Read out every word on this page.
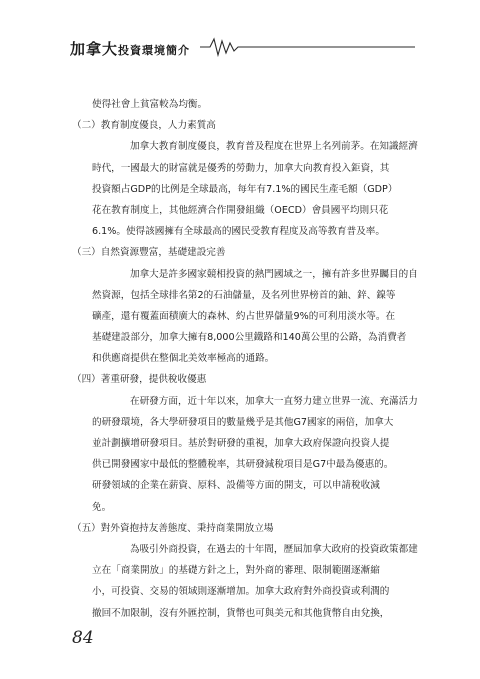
加拿大投資環境簡介
使得社會上貧富較為均衡。
（二）教育制度優良，人力素質高
加拿大教育制度優良，教育普及程度在世界上名列前茅。在知識經濟
時代，一國最大的財富就是優秀的勞動力，加拿大向教育投入鉅資，其
投資額占GDP的比例是全球最高，每年有7.1%的國民生產毛額（GDP）
花在教育制度上，其他經濟合作開發組織（OECD）會員國平均則只花
6.1%。使得該國擁有全球最高的國民受教育程度及高等教育普及率。
（三）自然資源豐富，基礎建設完善
加拿大是許多國家競相投資的熱門國域之一，擁有許多世界矚目的自
然資源，包括全球排名第2的石油儲量，及名列世界榜首的鈾、鋅、鎳等
礦產，還有覆蓋面積廣大的森林、約占世界儲量9%的可利用淡水等。在
基礎建設部分，加拿大擁有8,000公里鐵路和140萬公里的公路，為消費者
和供應商提供在整個北美效率極高的通路。
（四）著重研發，提供稅收優惠
在研發方面，近十年以來，加拿大一直努力建立世界一流、充滿活力
的研發環境，各大學研發項目的數量幾乎是其他G7國家的兩倍，加拿大
並計劃擴增研發項目。基於對研發的重視，加拿大政府保證向投資人提
供已開發國家中最低的整體稅率，其研發減稅項目是G7中最為優惠的。
研發領域的企業在薪資、原料、設備等方面的開支，可以申請稅收減
免。
（五）對外資抱持友善態度、秉持商業開放立場
為吸引外商投資，在過去的十年間，歷屆加拿大政府的投資政策都建
立在「商業開放」的基礎方針之上，對外商的審理、限制範圍逐漸縮
小，可投資、交易的領域則逐漸增加。加拿大政府對外商投資或利潤的
撤回不加限制，沒有外匯控制，貨幣也可與美元和其他貨幣自由兌換，
84
